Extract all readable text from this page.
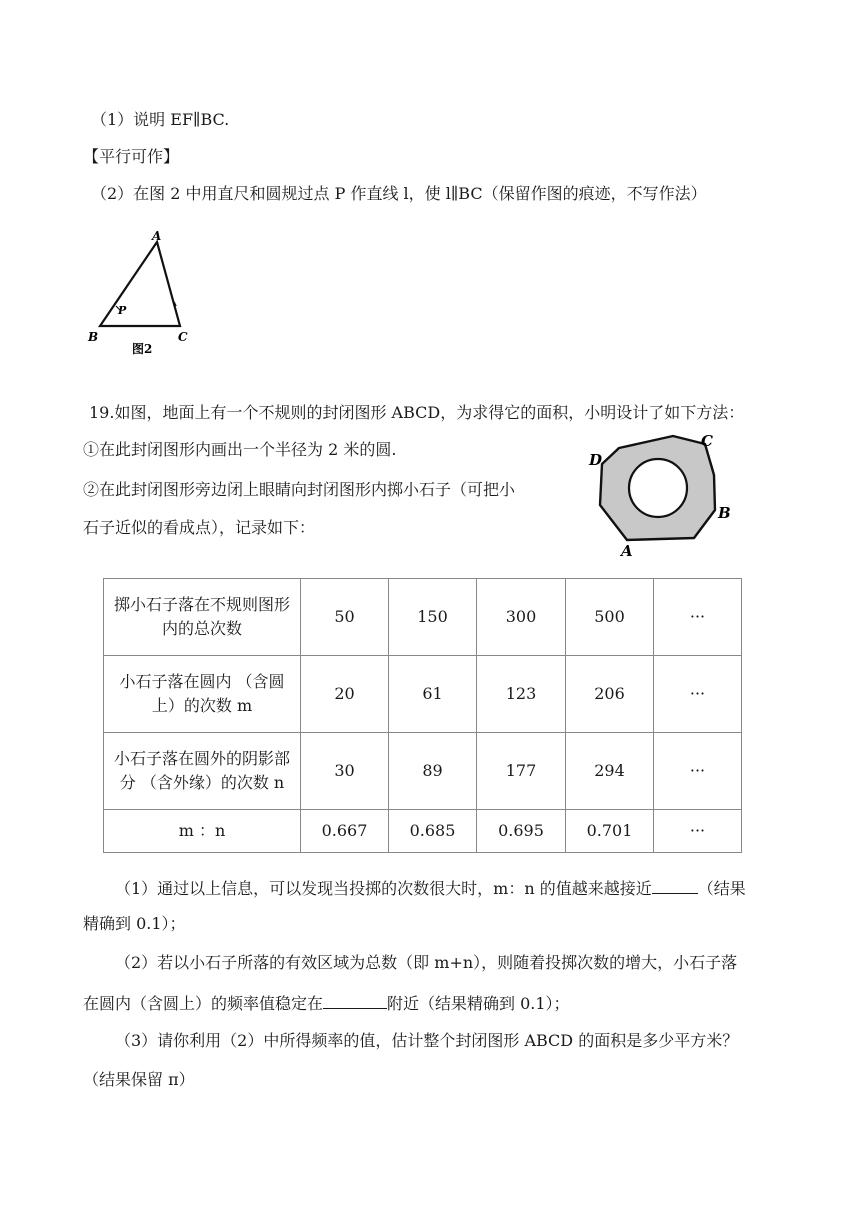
（1）说明 EF∥BC.
【平行可作】
（2）在图 2 中用直尺和圆规过点 P 作直线 l，使 l∥BC（保留作图的痕迹，不写作法）
A
B	C
P
图2
19.如图，地面上有一个不规则的封闭图形 ABCD，为求得它的面积，小明设计了如下方法：
①在此封闭图形内画出一个半径为 2 米的圆.
②在此封闭图形旁边闭上眼睛向封闭图形内掷小石子（可把小
石子近似的看成点），记录如下：
D
C
B
A
掷小石子落在不规则图形
内的总次数	50	150	300	500	···
小石子落在圆内 （含圆
上）的次数 m	20	61	123	206	···
小石子落在圆外的阴影部
分 （含外缘）的次数 n	30	89	177	294	···
m ：n	0.667	0.685	0.695	0.701	···
（1）通过以上信息，可以发现当投掷的次数很大时，m：n 的值越来越接近	（结果
精确到 0.1）；
（2）若以小石子所落的有效区域为总数（即 m+n），则随着投掷次数的增大，小石子落
在圆内（含圆上）的频率值稳定在	附近（结果精确到 0.1）；
（3）请你利用（2）中所得频率的值，估计整个封闭图形 ABCD 的面积是多少平方米？
（结果保留 π）
